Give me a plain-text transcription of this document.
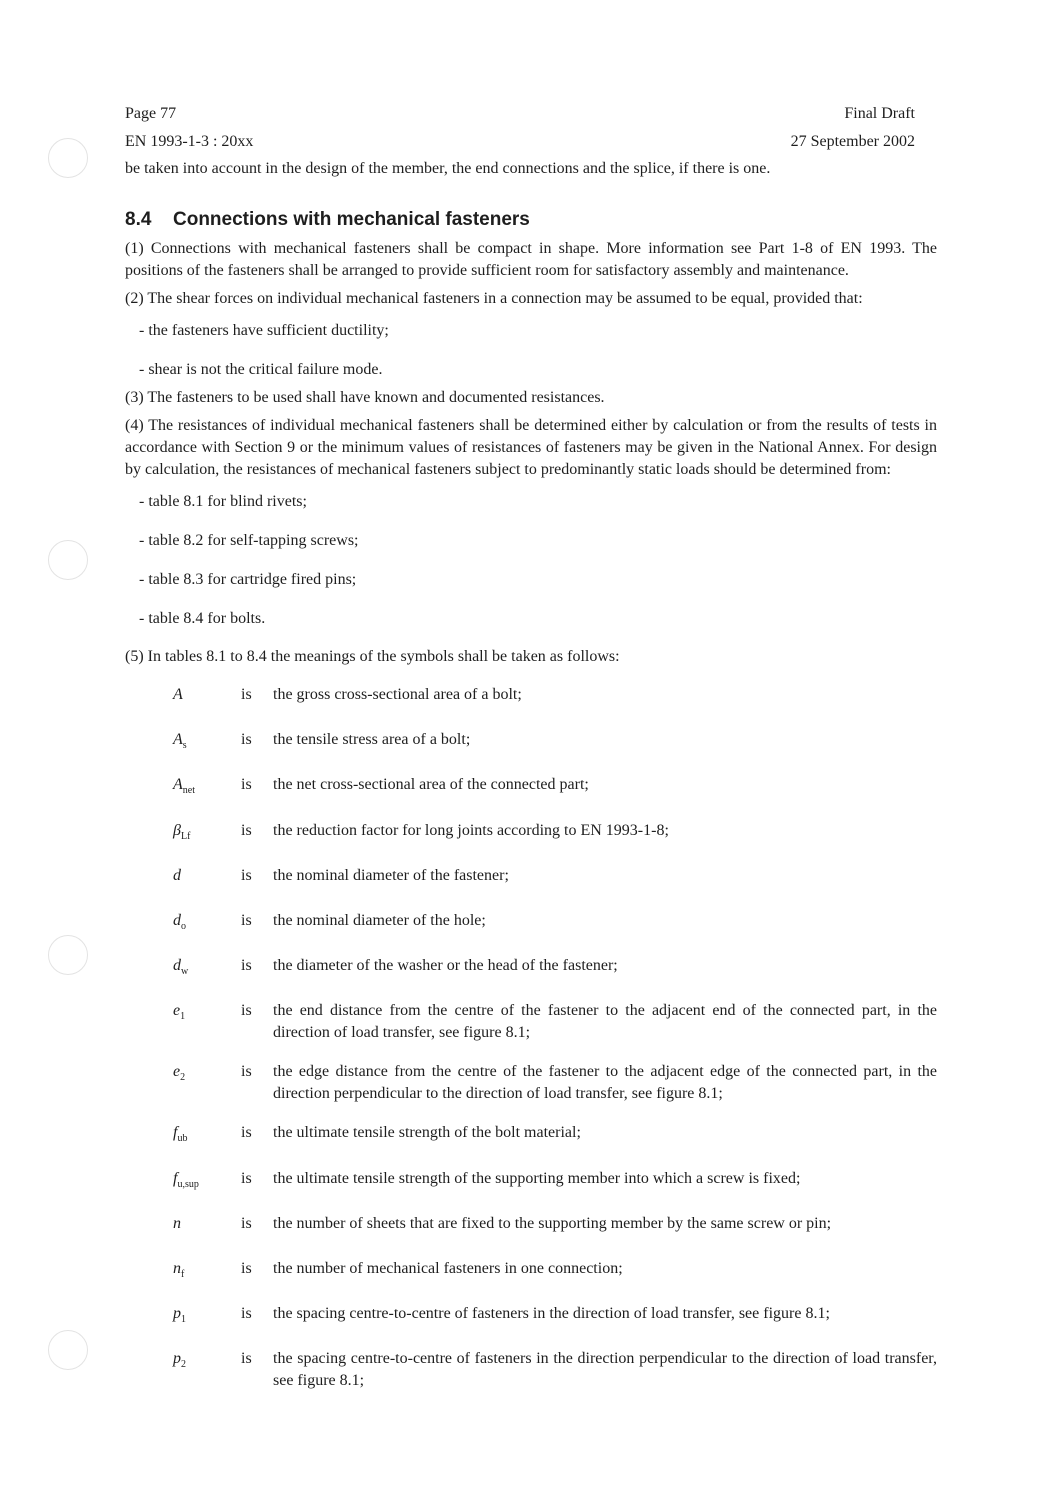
Page 77	Final Draft
EN 1993-1-3 : 20xx	27 September 2002

be taken into account in the design of the member, the end connections and the splice, if there is one.

8.4	Connections with mechanical fasteners

(1) Connections with mechanical fasteners shall be compact in shape. More information see Part 1-8 of EN 1993. The positions of the fasteners shall be arranged to provide sufficient room for satisfactory assembly and maintenance.

(2) The shear forces on individual mechanical fasteners in a connection may be assumed to be equal, provided that:

- the fasteners have sufficient ductility;

- shear is not the critical failure mode.

(3) The fasteners to be used shall have known and documented resistances.

(4) The resistances of individual mechanical fasteners shall be determined either by calculation or from the results of tests in accordance with Section 9 or the minimum values of resistances of fasteners may be given in the National Annex. For design by calculation, the resistances of mechanical fasteners subject to predominantly static loads should be determined from:

- table 8.1 for blind rivets;

- table 8.2 for self-tapping screws;

- table 8.3 for cartridge fired pins;

- table 8.4 for bolts.

(5) In tables 8.1 to 8.4 the meanings of the symbols shall be taken as follows:

A	is	the gross cross-sectional area of a bolt;
$A_s$	is	the tensile stress area of a bolt;
$A_{net}$	is	the net cross-sectional area of the connected part;
$\beta_{Lf}$	is	the reduction factor for long joints according to EN 1993-1-8;
d	is	the nominal diameter of the fastener;
$d_o$	is	the nominal diameter of the hole;
$d_w$	is	the diameter of the washer or the head of the fastener;
$e_1$	is	the end distance from the centre of the fastener to the adjacent end of the connected part, in the direction of load transfer, see figure 8.1;
$e_2$	is	the edge distance from the centre of the fastener to the adjacent edge of the connected part, in the direction perpendicular to the direction of load transfer, see figure 8.1;
$f_{ub}$	is	the ultimate tensile strength of the bolt material;
$f_{u,sup}$	is	the ultimate tensile strength of the supporting member into which a screw is fixed;
n	is	the number of sheets that are fixed to the supporting member by the same screw or pin;
$n_f$	is	the number of mechanical fasteners in one connection;
$p_1$	is	the spacing centre-to-centre of fasteners in the direction of load transfer, see figure 8.1;
$p_2$	is	the spacing centre-to-centre of fasteners in the direction perpendicular to the direction of load transfer, see figure 8.1;
